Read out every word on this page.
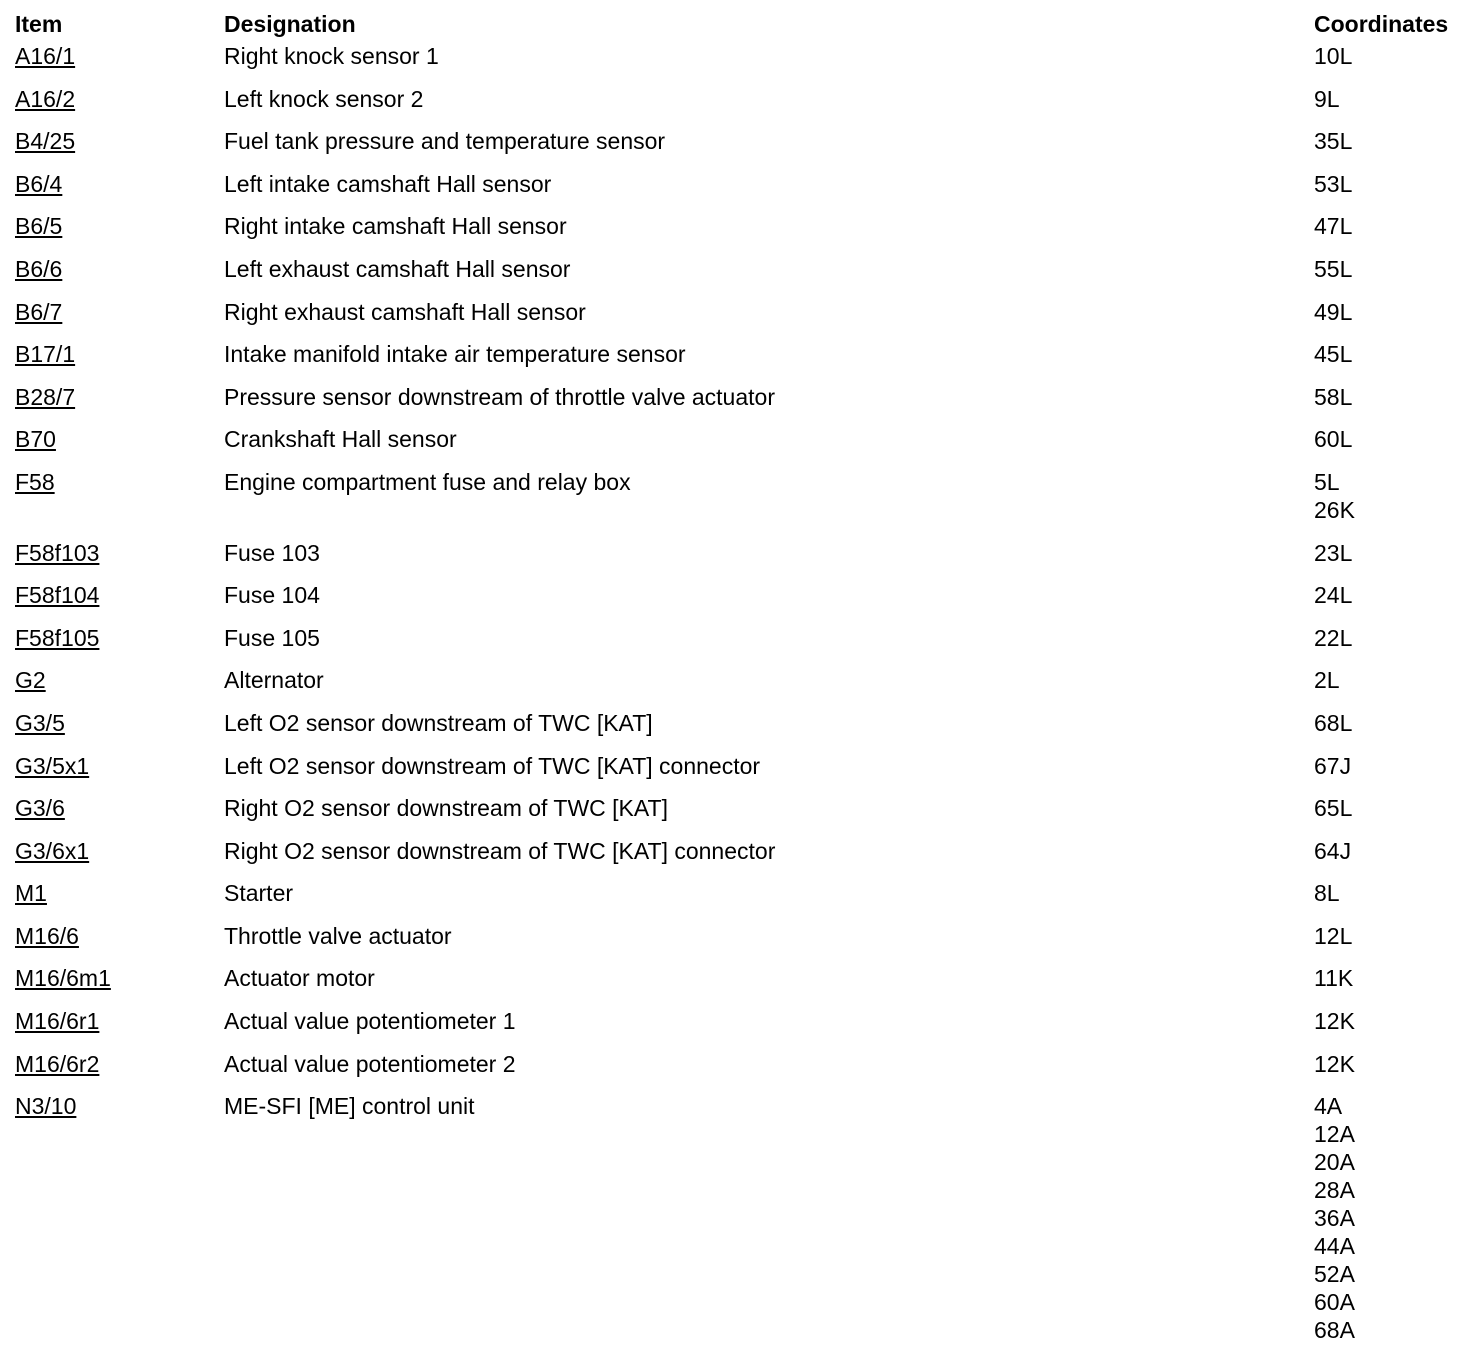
Item	Designation	Coordinates
A16/1	Right knock sensor 1	10L
A16/2	Left knock sensor 2	9L
B4/25	Fuel tank pressure and temperature sensor	35L
B6/4	Left intake camshaft Hall sensor	53L
B6/5	Right intake camshaft Hall sensor	47L
B6/6	Left exhaust camshaft Hall sensor	55L
B6/7	Right exhaust camshaft Hall sensor	49L
B17/1	Intake manifold intake air temperature sensor	45L
B28/7	Pressure sensor downstream of throttle valve actuator	58L
B70	Crankshaft Hall sensor	60L
F58	Engine compartment fuse and relay box	5L
26K
F58f103	Fuse 103	23L
F58f104	Fuse 104	24L
F58f105	Fuse 105	22L
G2	Alternator	2L
G3/5	Left O2 sensor downstream of TWC [KAT]	68L
G3/5x1	Left O2 sensor downstream of TWC [KAT] connector	67J
G3/6	Right O2 sensor downstream of TWC [KAT]	65L
G3/6x1	Right O2 sensor downstream of TWC [KAT] connector	64J
M1	Starter	8L
M16/6	Throttle valve actuator	12L
M16/6m1	Actuator motor	11K
M16/6r1	Actual value potentiometer 1	12K
M16/6r2	Actual value potentiometer 2	12K
N3/10	ME-SFI [ME] control unit	4A
12A
20A
28A
36A
44A
52A
60A
68A
